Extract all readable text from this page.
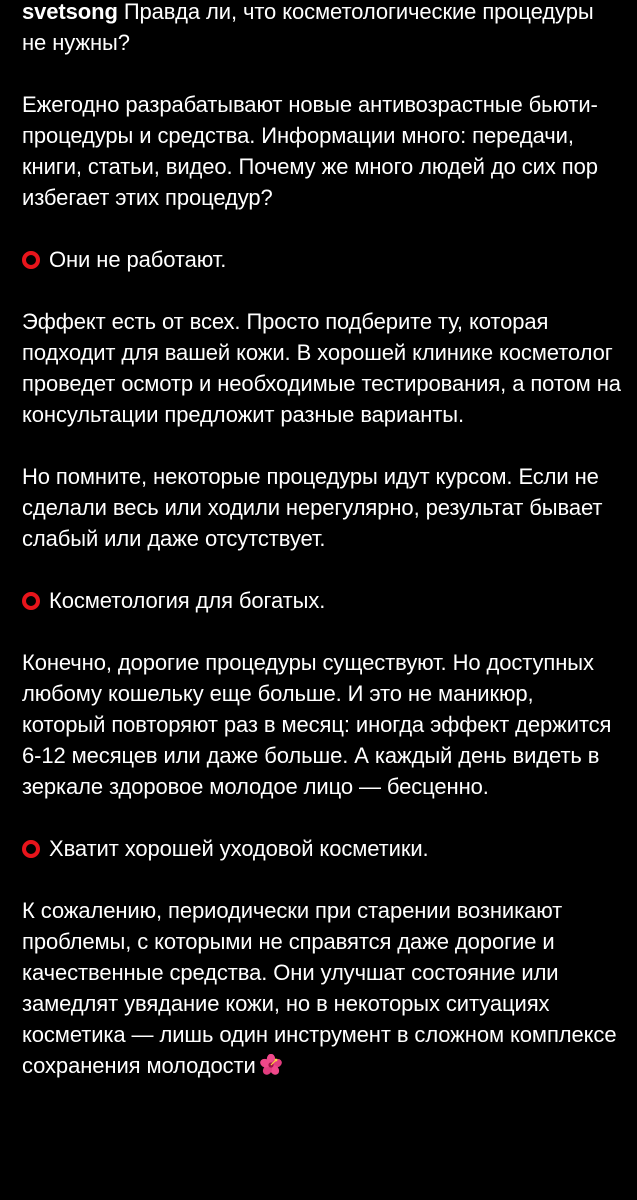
svetsong Правда ли, что косметологические процедуры не нужны?

Ежегодно разрабатывают новые антивозрастные бьюти-процедуры и средства. Информации много: передачи, книги, статьи, видео. Почему же много людей до сих пор избегает этих процедур?

Они не работают.

Эффект есть от всех. Просто подберите ту, которая подходит для вашей кожи. В хорошей клинике косметолог проведет осмотр и необходимые тестирования, а потом на консультации предложит разные варианты.

Но помните, некоторые процедуры идут курсом. Если не сделали весь или ходили нерегулярно, результат бывает слабый или даже отсутствует.

Косметология для богатых.

Конечно, дорогие процедуры существуют. Но доступных любому кошельку еще больше. И это не маникюр, который повторяют раз в месяц: иногда эффект держится 6-12 месяцев или даже больше. А каждый день видеть в зеркале здоровое молодое лицо — бесценно.

Хватит хорошей уходовой косметики.

К сожалению, периодически при старении возникают проблемы, с которыми не справятся даже дорогие и качественные средства. Они улучшат состояние или замедлят увядание кожи, но в некоторых ситуациях косметика — лишь один инструмент в сложном комплексе сохранения молодости
